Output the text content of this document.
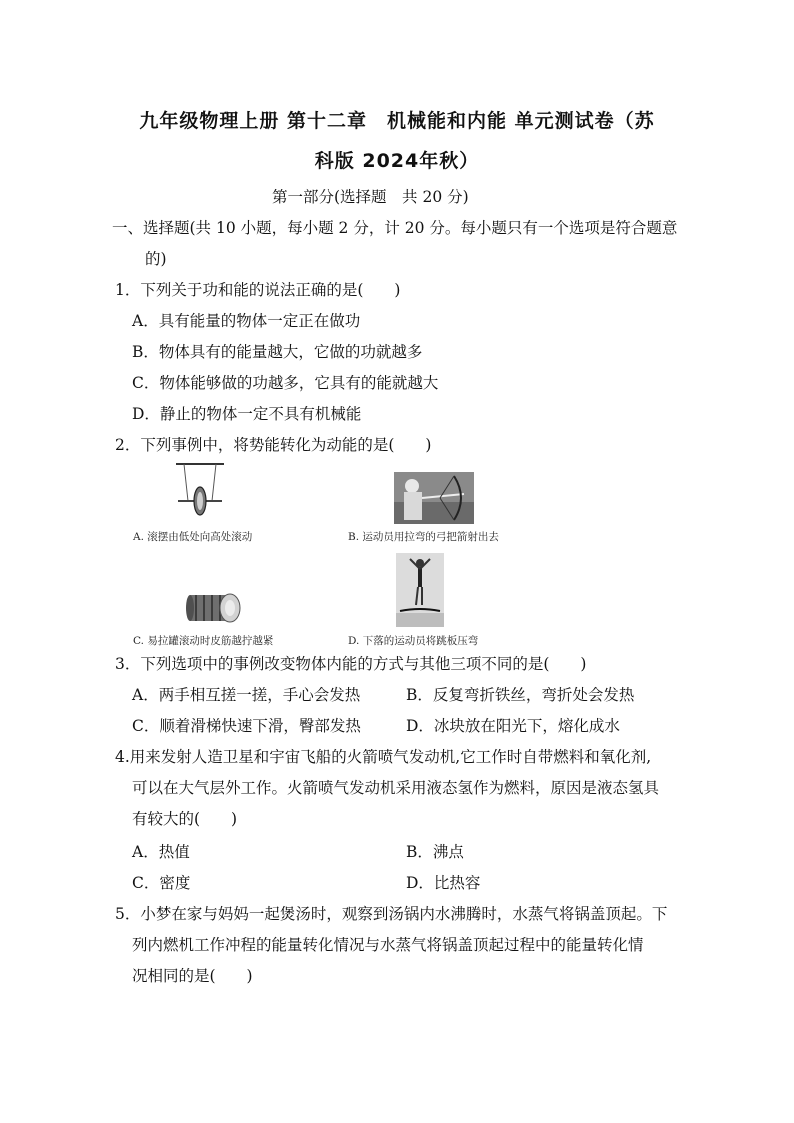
九年级物理上册 第十二章　机械能和内能 单元测试卷（苏
科版 2024年秋）
第一部分(选择题　共 20 分)
一、选择题(共 10 小题，每小题 2 分，计 20 分。每小题只有一个选项是符合题意
的)
1．下列关于功和能的说法正确的是(　　)
A．具有能量的物体一定正在做功
B．物体具有的能量越大，它做的功就越多
C．物体能够做的功越多，它具有的能就越大
D．静止的物体一定不具有机械能
2．下列事例中，将势能转化为动能的是(　　)
A. 滚摆由低处向高处滚动	B. 运动员用拉弯的弓把箭射出去
C. 易拉罐滚动时皮筋越拧越紧	D. 下落的运动员将跳板压弯
3．下列选项中的事例改变物体内能的方式与其他三项不同的是(　　)
A．两手相互搓一搓，手心会发热	B．反复弯折铁丝，弯折处会发热
C．顺着滑梯快速下滑，臀部发热	D．冰块放在阳光下，熔化成水
4.用来发射人造卫星和宇宙飞船的火箭喷气发动机,它工作时自带燃料和氧化剂,
可以在大气层外工作。火箭喷气发动机采用液态氢作为燃料，原因是液态氢具
有较大的(　　)
A．热值	B．沸点
C．密度	D．比热容
5．小梦在家与妈妈一起煲汤时，观察到汤锅内水沸腾时，水蒸气将锅盖顶起。下
列内燃机工作冲程的能量转化情况与水蒸气将锅盖顶起过程中的能量转化情
况相同的是(　　)
